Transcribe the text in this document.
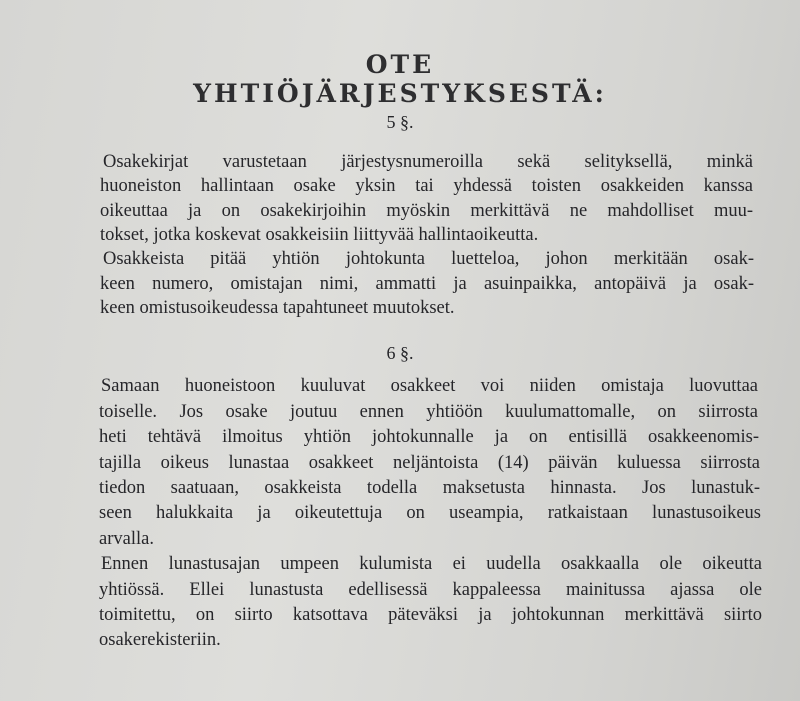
OTE YHTIÖJÄRJESTYKSESTÄ:
5 §.
Osakekirjat varustetaan järjestysnumeroilla sekä selityksellä, minkä
huoneiston hallintaan osake yksin tai yhdessä toisten osakkeiden kanssa
oikeuttaa ja on osakekirjoihin myöskin merkittävä ne mahdolliset muu-
tokset, jotka koskevat osakkeisiin liittyvää hallintaoikeutta.
Osakkeista pitää yhtiön johtokunta luetteloa, johon merkitään osak-
keen numero, omistajan nimi, ammatti ja asuinpaikka, antopäivä ja osak-
keen omistusoikeudessa tapahtuneet muutokset.
6 §.
Samaan huoneistoon kuuluvat osakkeet voi niiden omistaja luovuttaa
toiselle. Jos osake joutuu ennen yhtiöön kuulumattomalle, on siirrosta
heti tehtävä ilmoitus yhtiön johtokunnalle ja on entisillä osakkeenomis-
tajilla oikeus lunastaa osakkeet neljäntoista (14) päivän kuluessa siirrosta
tiedon saatuaan, osakkeista todella maksetusta hinnasta. Jos lunastuk-
seen halukkaita ja oikeutettuja on useampia, ratkaistaan lunastusoikeus
arvalla.
Ennen lunastusajan umpeen kulumista ei uudella osakkaalla ole oikeutta
yhtiössä. Ellei lunastusta edellisessä kappaleessa mainitussa ajassa ole
toimitettu, on siirto katsottava päteväksi ja johtokunnan merkittävä siirto
osakerekisteriin.
